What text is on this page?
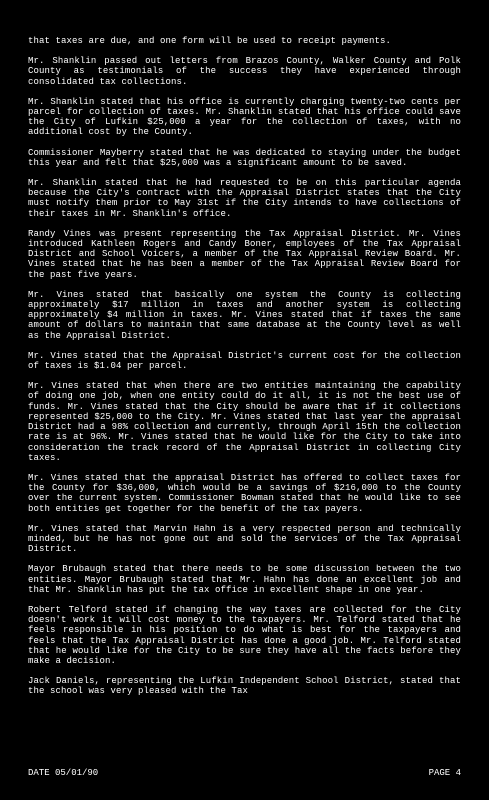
that taxes are due, and one form will be used to receipt payments.

Mr. Shanklin passed out letters from Brazos County, Walker County and Polk County as testimonials of the success they have experienced through consolidated tax collections.

Mr. Shanklin stated that his office is currently charging twenty-two cents per parcel for collection of taxes. Mr. Shanklin stated that his office could save the City of Lufkin $25,000 a year for the collection of taxes, with no additional cost by the County.

Commissioner Mayberry stated that he was dedicated to staying under the budget this year and felt that $25,000 was a significant amount to be saved.

Mr. Shanklin stated that he had requested to be on this particular agenda because the City's contract with the Appraisal District states that the City must notify them prior to May 31st if the City intends to have collections of their taxes in Mr. Shanklin's office.

Randy Vines was present representing the Tax Appraisal District. Mr. Vines introduced Kathleen Rogers and Candy Boner, employees of the Tax Appraisal District and School Voicers, a member of the Tax Appraisal Review Board. Mr. Vines stated that he has been a member of the Tax Appraisal Review Board for the past five years.

Mr. Vines stated that basically one system the County is collecting approximately $17 million in taxes and another system is collecting approximately $4 million in taxes. Mr. Vines stated that if taxes the same amount of dollars to maintain that same database at the County level as well as the Appraisal District.

Mr. Vines stated that the Appraisal District's current cost for the collection of taxes is $1.04 per parcel.

Mr. Vines stated that when there are two entities maintaining the capability of doing one job, when one entity could do it all, it is not the best use of funds. Mr. Vines stated that the City should be aware that if it collections represented $25,000 to the City. Mr. Vines stated that last year the appraisal District had a 98% collection and currently, through April 15th the collection rate is at 96%. Mr. Vines stated that he would like for the City to take into consideration the track record of the Appraisal District in collecting City taxes.

Mr. Vines stated that the appraisal District has offered to collect taxes for the County for $36,000, which would be a savings of $216,000 to the County over the current system. Commissioner Bowman stated that he would like to see both entities get together for the benefit of the tax payers.

Mr. Vines stated that Marvin Hahn is a very respected person and technically minded, but he has not gone out and sold the services of the Tax Appraisal District.

Mayor Brubaugh stated that there needs to be some discussion between the two entities. Mayor Brubaugh stated that Mr. Hahn has done an excellent job and that Mr. Shanklin has put the tax office in excellent shape in one year.

Robert Telford stated if changing the way taxes are collected for the City doesn't work it will cost money to the taxpayers. Mr. Telford stated that he feels responsible in his position to do what is best for the taxpayers and feels that the Tax Appraisal District has done a good job. Mr. Telford stated that he would like for the City to be sure they have all the facts before they make a decision.

Jack Daniels, representing the Lufkin Independent School District, stated that the school was very pleased with the Tax

DATE 05/01/90	PAGE 4
